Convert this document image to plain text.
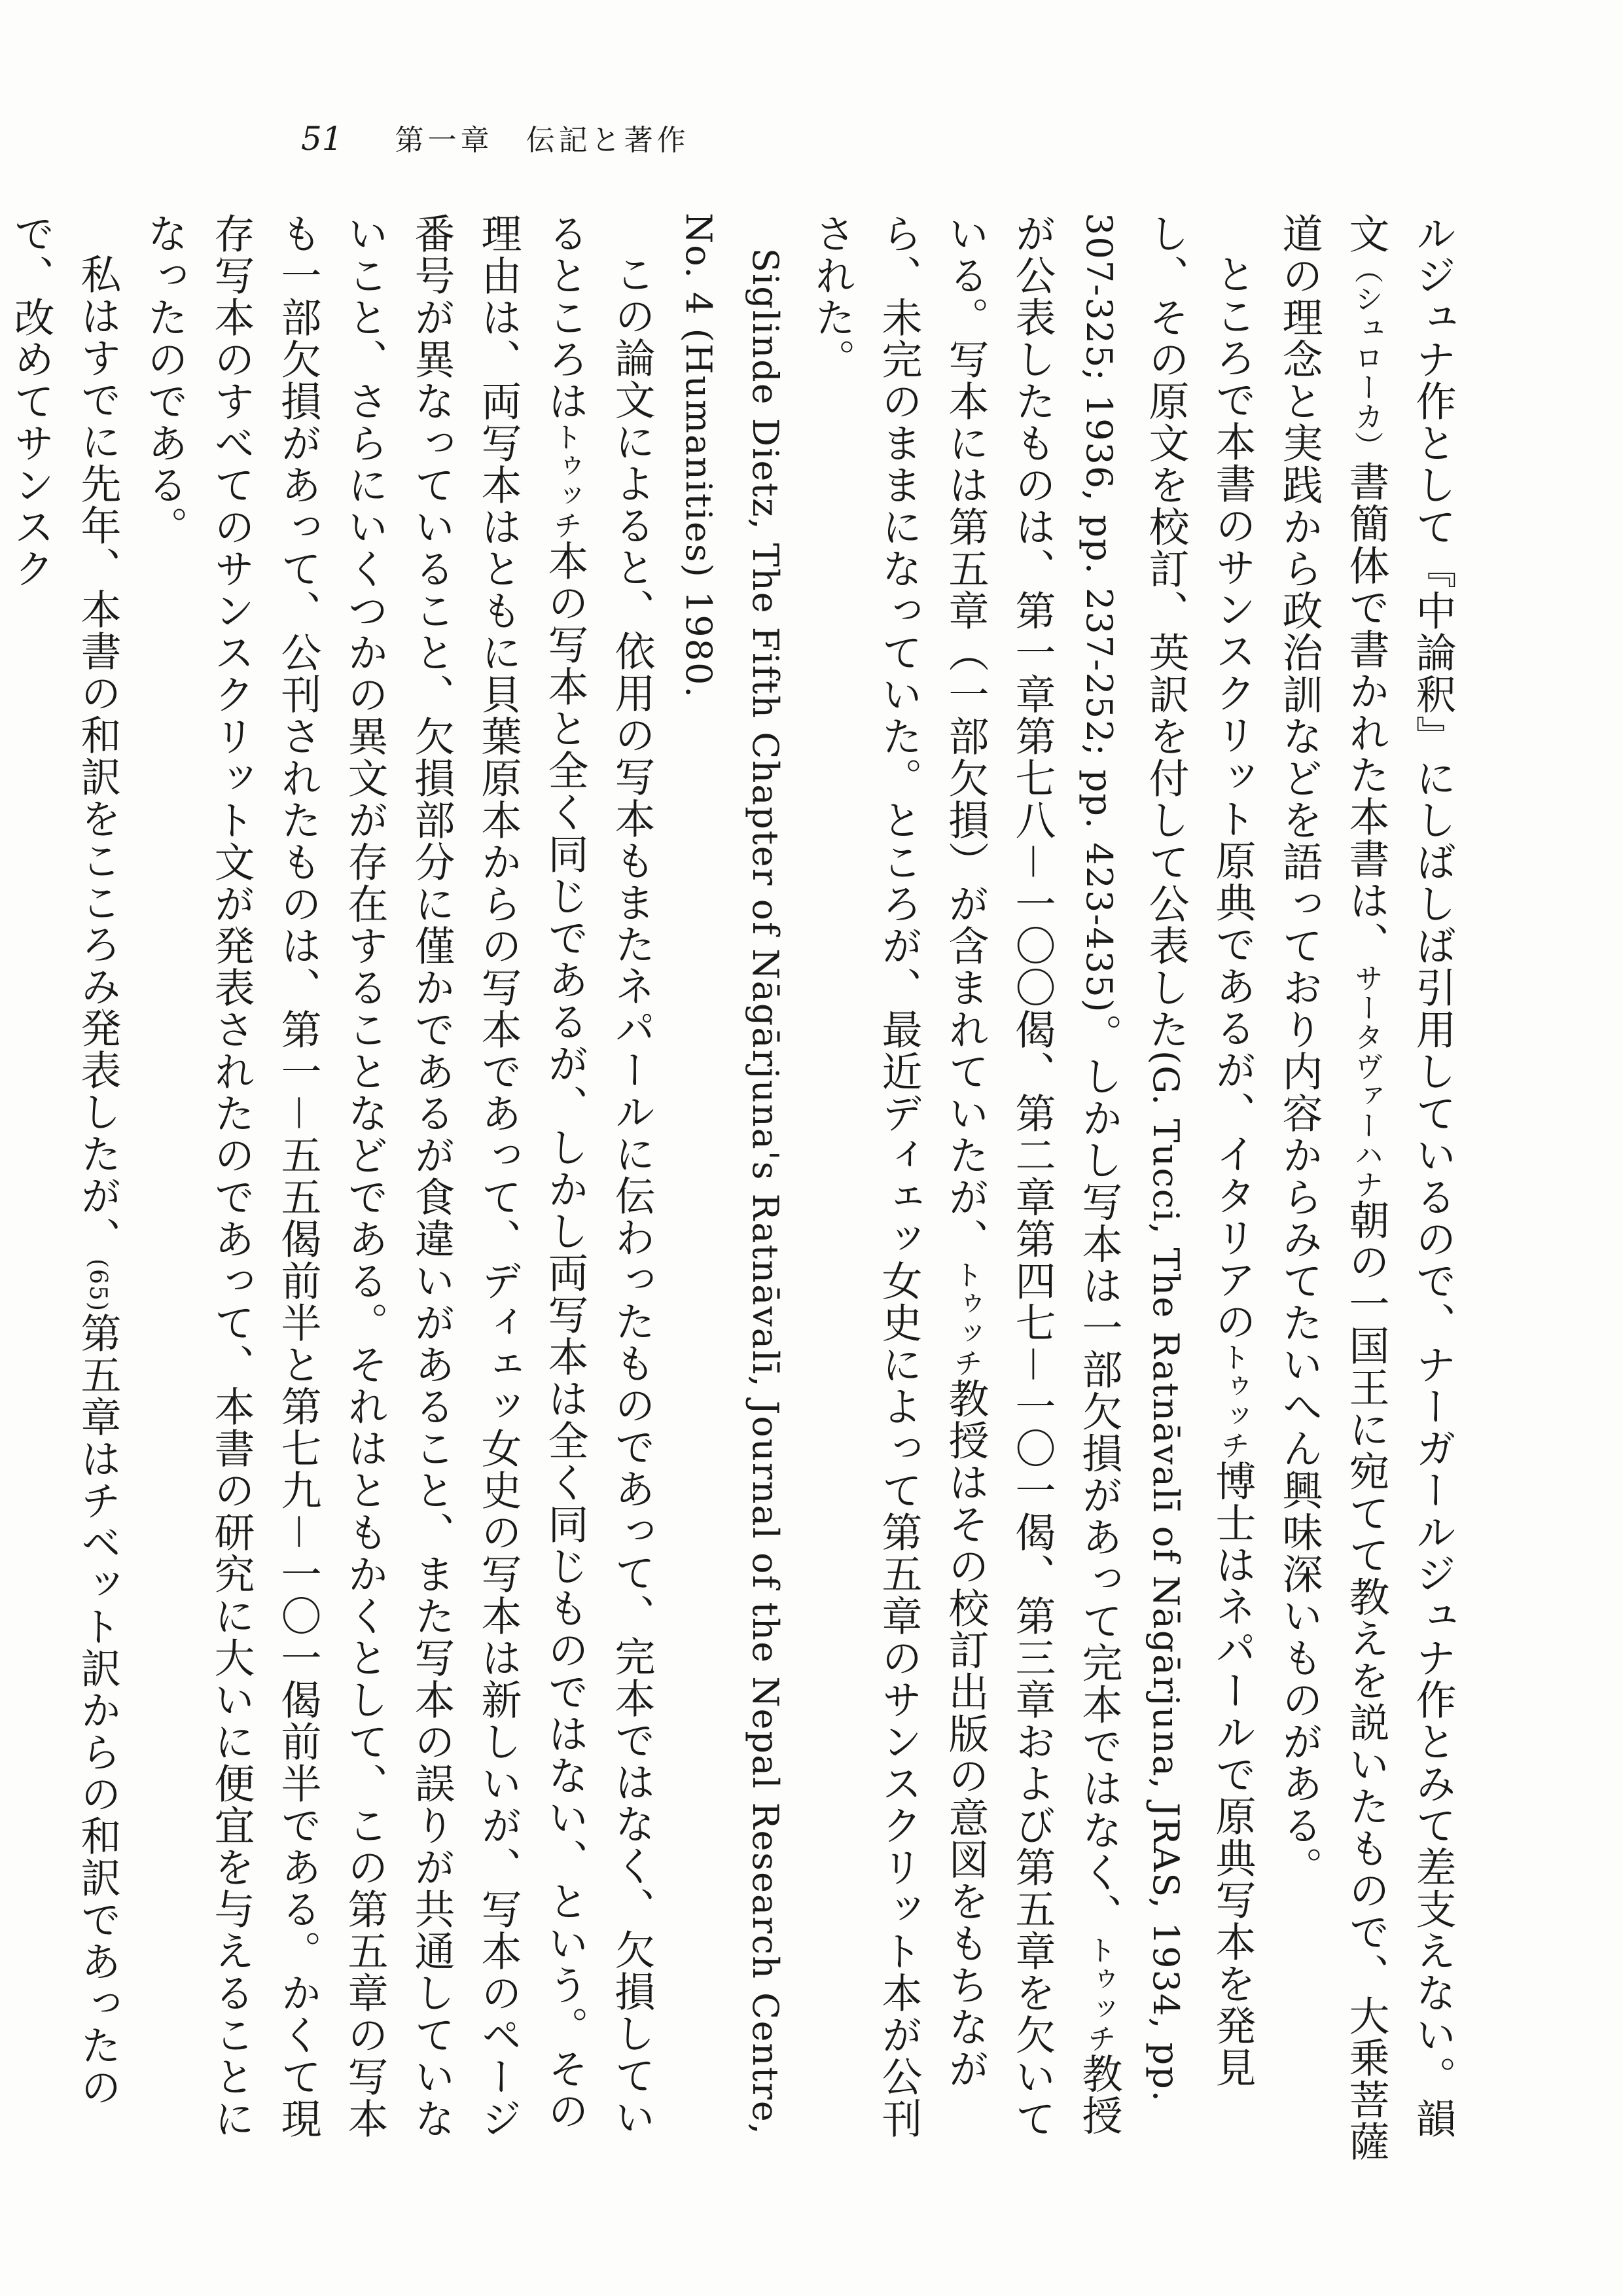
51 第一章　伝記と著作

ルジュナ作として『中論釈』にしばしば引用しているので、ナーガールジュナ作とみて差支えない。韻文（シュローカ）書簡体で書かれた本書は、サータヴァーハナ朝の一国王に宛てて教えを説いたもので、大乗菩薩道の理念と実践から政治訓などを語っており内容からみてたいへん興味深いものがある。

ところで本書のサンスクリット原典であるが、イタリアのトゥッチ博士はネパールで原典写本を発見し、その原文を校訂、英訳を付して公表した(G. Tucci, The Ratnāvalī of Nāgārjuna, JRAS, 1934, pp. 307-325; 1936, pp. 237-252; pp. 423-435)。しかし写本は一部欠損があって完本ではなく、トゥッチ教授が公表したものは、第一章第七八－一〇〇偈、第二章第四七－一〇一偈、第三章および第五章を欠いている。写本には第五章（一部欠損）が含まれていたが、トゥッチ教授はその校訂出版の意図をもちながら、未完のままになっていた。ところが、最近ディェッ女史によって第五章のサンスクリット本が公刊された。

Siglinde Dietz, The Fifth Chapter of Nāgārjuna's Ratnāvalī, Journal of the Nepal Research Centre, No. 4 (Humanities) 1980.

この論文によると、依用の写本もまたネパールに伝わったものであって、完本ではなく、欠損しているところはトゥッチ本の写本と全く同じであるが、しかし両写本は全く同じものではない、という。その理由は、両写本はともに貝葉原本からの写本であって、ディェッ女史の写本は新しいが、写本のページ番号が異なっていること、欠損部分に僅かであるが食違いがあること、また写本の誤りが共通していないこと、さらにいくつかの異文が存在することなどである。それはともかくとして、この第五章の写本も一部欠損があって、公刊されたものは、第一－五五偈前半と第七九－一〇一偈前半である。かくて現存写本のすべてのサンスクリット文が発表されたのであって、本書の研究に大いに便宜を与えることになったのである。

私はすでに先年、本書の和訳をこころみ発表したが、(65)第五章はチベット訳からの和訳であったので、改めてサンスク
